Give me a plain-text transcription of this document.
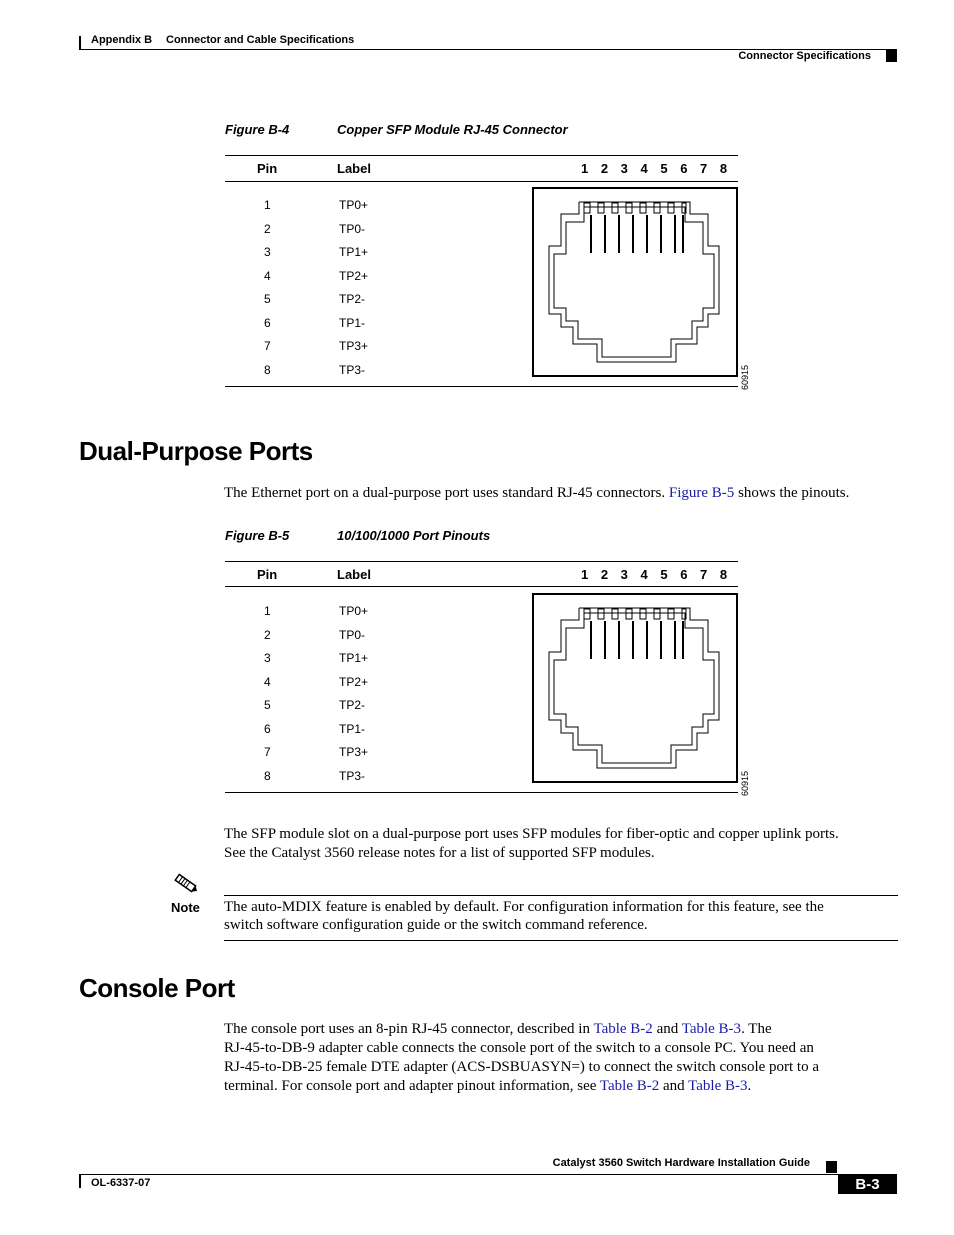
Appendix B Connector and Cable Specifications
Connector Specifications
Figure B-4	Copper SFP Module RJ-45 Connector
Pin	Label	1 2 3 4 5 6 7 8
1	TP0+
2	TP0-
3	TP1+
4	TP2+
5	TP2-
6	TP1-
7	TP3+
8	TP3-	60915
Dual-Purpose Ports

The Ethernet port on a dual-purpose port uses standard RJ-45 connectors. Figure B-5 shows the pinouts.

Figure B-5	10/100/1000 Port Pinouts
Pin	Label	1 2 3 4 5 6 7 8
1	TP0+
2	TP0-
3	TP1+
4	TP2+
5	TP2-
6	TP1-
7	TP3+
8	TP3-	60915

The SFP module slot on a dual-purpose port uses SFP modules for fiber-optic and copper uplink ports.

See the Catalyst 3560 release notes for a list of supported SFP modules.

Note The auto-MDIX feature is enabled by default. For configuration information for this feature, see the

switch software configuration guide or the switch command reference.

Console Port

The console port uses an 8-pin RJ-45 connector, described in Table B-2 and Table B-3. The

RJ-45-to-DB-9 adapter cable connects the console port of the switch to a console PC. You need an

RJ-45-to-DB-25 female DTE adapter (ACS-DSBUASYN=) to connect the switch console port to a

terminal. For console port and adapter pinout information, see Table B-2 and Table B-3.

Catalyst 3560 Switch Hardware Installation Guide
OL-6337-07	B-3
